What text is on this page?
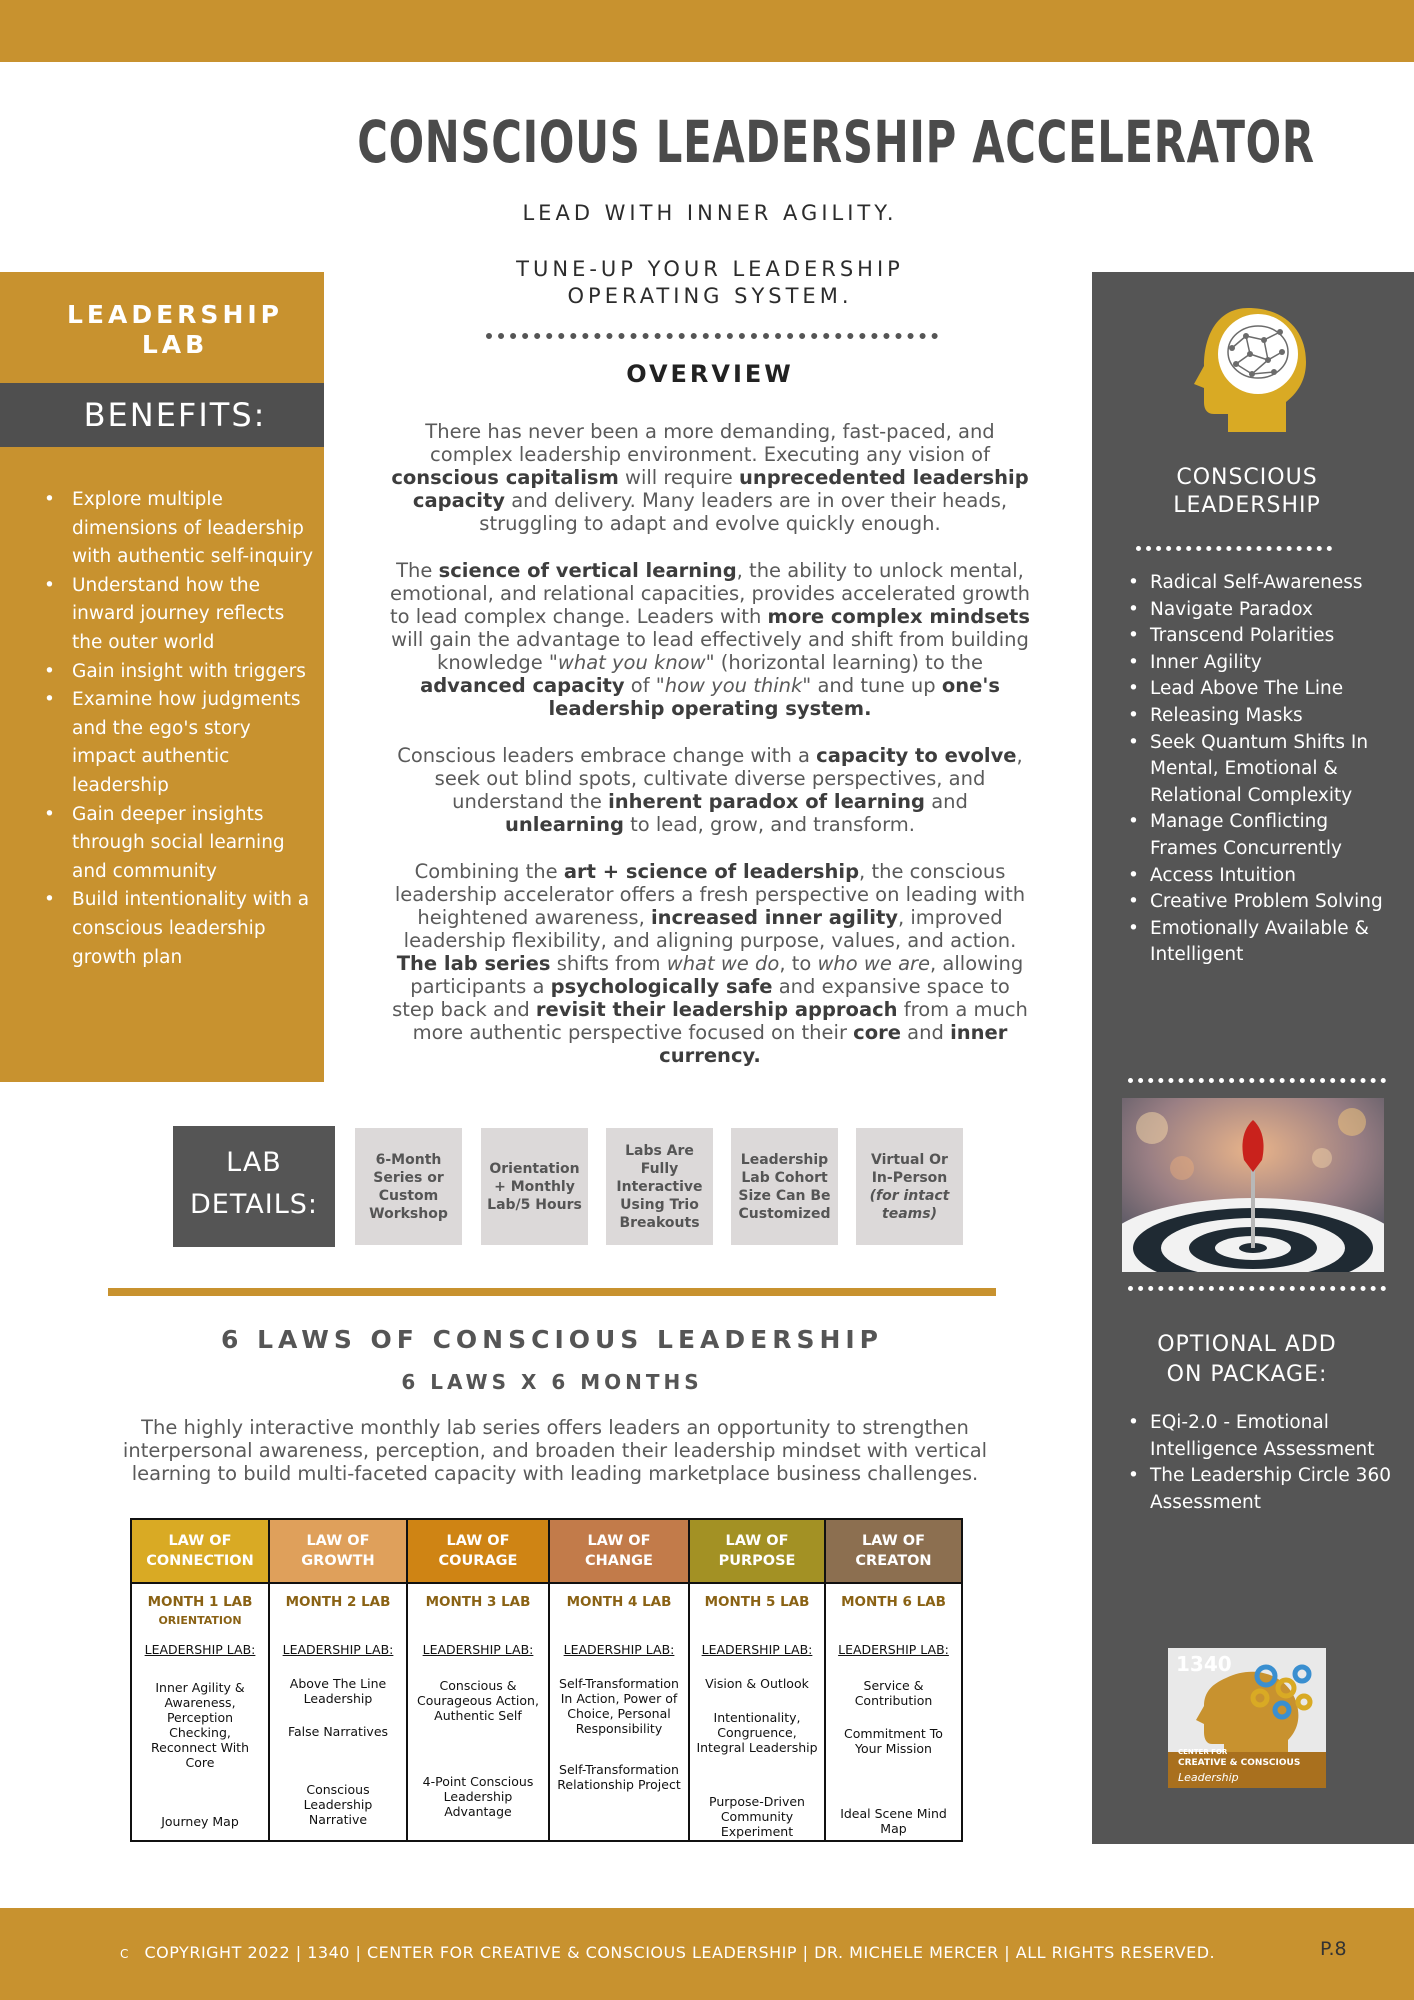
CONSCIOUS LEADERSHIP ACCELERATOR
LEAD WITH INNER AGILITY.
TUNE-UP YOUR LEADERSHIP
OPERATING SYSTEM.
OVERVIEW
There has never been a more demanding, fast-paced, and complex leadership environment. Executing any vision of conscious capitalism will require unprecedented leadership capacity and delivery. Many leaders are in over their heads, struggling to adapt and evolve quickly enough.
The science of vertical learning, the ability to unlock mental, emotional, and relational capacities, provides accelerated growth to lead complex change. Leaders with more complex mindsets will gain the advantage to lead effectively and shift from building knowledge "what you know" (horizontal learning) to the advanced capacity of "how you think" and tune up one's leadership operating system.
Conscious leaders embrace change with a capacity to evolve, seek out blind spots, cultivate diverse perspectives, and understand the inherent paradox of learning and unlearning to lead, grow, and transform.
Combining the art + science of leadership, the conscious leadership accelerator offers a fresh perspective on leading with heightened awareness, increased inner agility, improved leadership flexibility, and aligning purpose, values, and action. The lab series shifts from what we do, to who we are, allowing participants a psychologically safe and expansive space to step back and revisit their leadership approach from a much more authentic perspective focused on their core and inner currency.
LEADERSHIP
LAB
BENEFITS:
• Explore multiple dimensions of leadership with authentic self-inquiry
• Understand how the inward journey reflects the outer world
• Gain insight with triggers
• Examine how judgments and the ego's story impact authentic leadership
• Gain deeper insights through social learning and community
• Build intentionality with a conscious leadership growth plan
CONSCIOUS
LEADERSHIP
• Radical Self-Awareness
• Navigate Paradox
• Transcend Polarities
• Inner Agility
• Lead Above The Line
• Releasing Masks
• Seek Quantum Shifts In Mental, Emotional & Relational Complexity
• Manage Conflicting Frames Concurrently
• Access Intuition
• Creative Problem Solving
• Emotionally Available & Intelligent
OPTIONAL ADD
ON PACKAGE:
• EQi-2.0 - Emotional Intelligence Assessment
• The Leadership Circle 360 Assessment
1340
CENTER FOR
CREATIVE & CONSCIOUS
Leadership
LAB
DETAILS:
6-Month Series or Custom Workshop
Orientation + Monthly Lab/5 Hours
Labs Are Fully Interactive Using Trio Breakouts
Leadership Lab Cohort Size Can Be Customized
Virtual Or In-Person
(for intact teams)
6 LAWS OF CONSCIOUS LEADERSHIP
6 LAWS X 6 MONTHS
The highly interactive monthly lab series offers leaders an opportunity to strengthen interpersonal awareness, perception, and broaden their leadership mindset with vertical learning to build multi-faceted capacity with leading marketplace business challenges.
LAW OF
CONNECTION
MONTH 1 LAB
ORIENTATION
LEADERSHIP LAB:
Inner Agility & Awareness, Perception Checking, Reconnect With Core
Journey Map
LAW OF
GROWTH
MONTH 2 LAB
LEADERSHIP LAB:
Above The Line Leadership
False Narratives
Conscious Leadership Narrative
LAW OF
COURAGE
MONTH 3 LAB
LEADERSHIP LAB:
Conscious & Courageous Action, Authentic Self
4-Point Conscious Leadership Advantage
LAW OF
CHANGE
MONTH 4 LAB
LEADERSHIP LAB:
Self-Transformation In Action, Power of Choice, Personal Responsibility
Self-Transformation Relationship Project
LAW OF
PURPOSE
MONTH 5 LAB
LEADERSHIP LAB:
Vision & Outlook
Intentionality, Congruence, Integral Leadership
Purpose-Driven Community Experiment
LAW OF
CREATON
MONTH 6 LAB
LEADERSHIP LAB:
Service & Contribution
Commitment To Your Mission
Ideal Scene Mind Map
C COPYRIGHT 2022 | 1340 | CENTER FOR CREATIVE & CONSCIOUS LEADERSHIP | DR. MICHELE MERCER | ALL RIGHTS RESERVED.	P.8
